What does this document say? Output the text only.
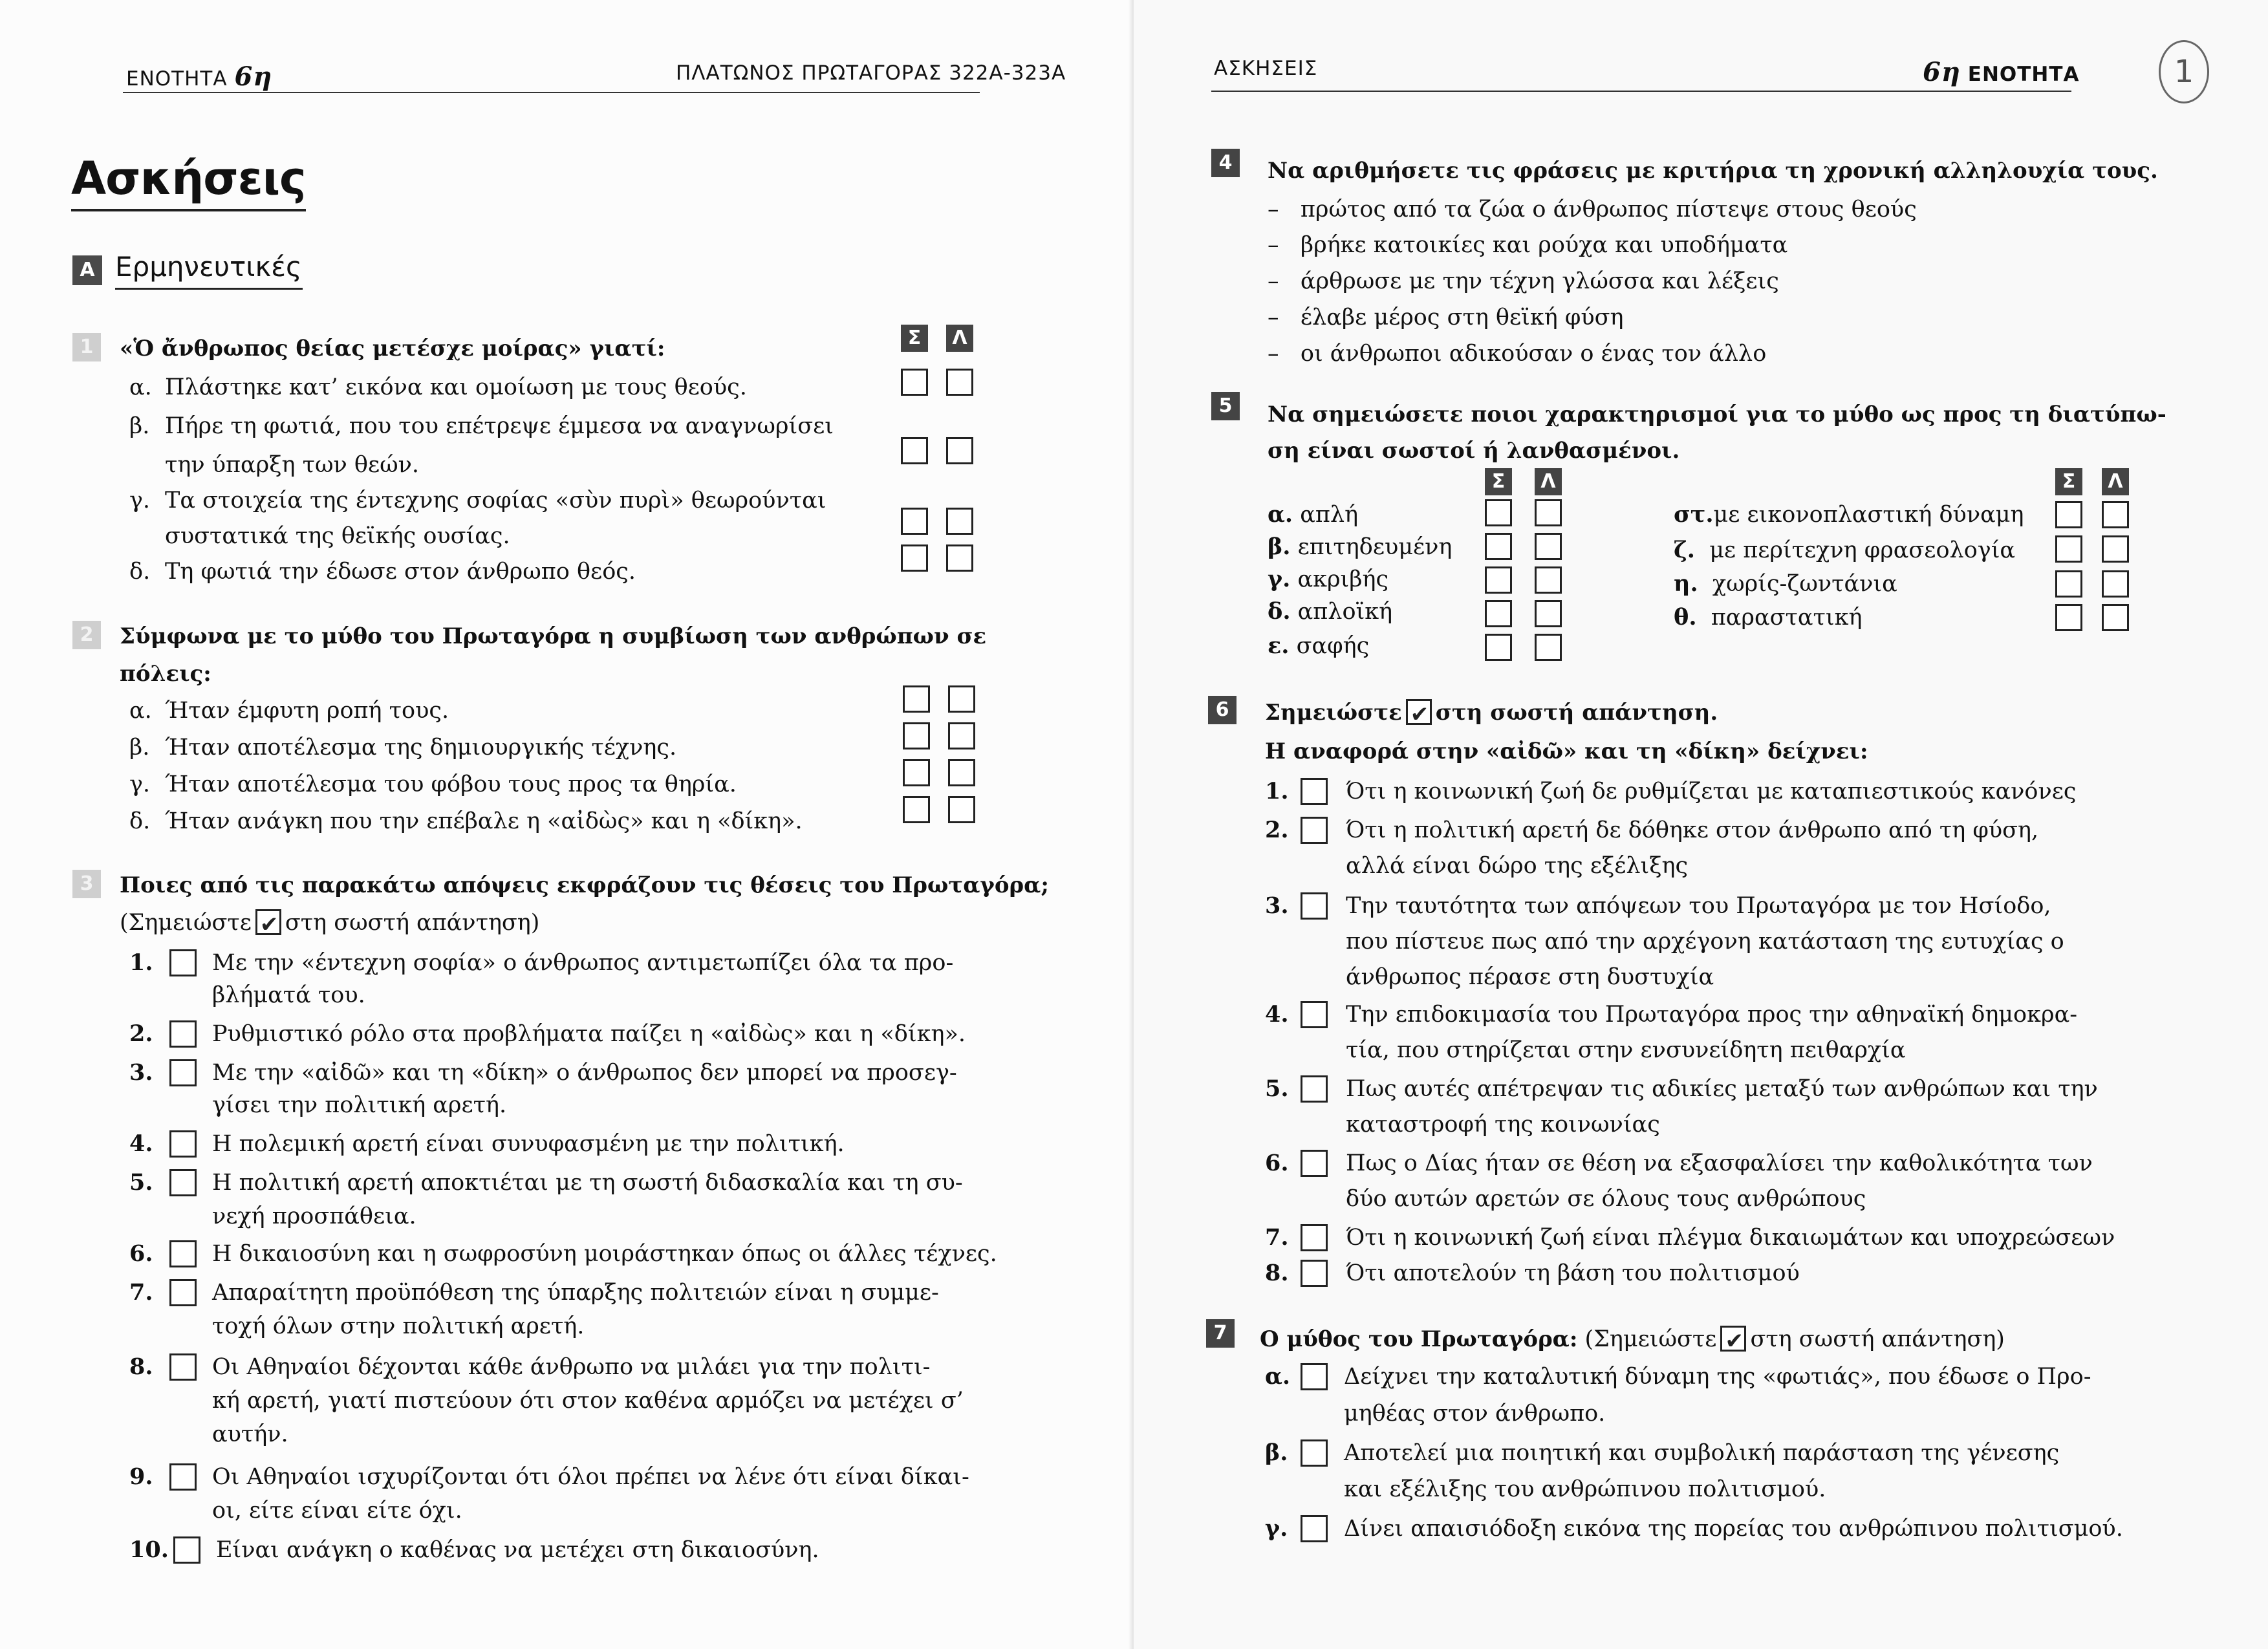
ΕΝΟΤΗΤΑ 6η	ΠΛΑΤΩΝΟΣ ΠΡΩΤΑΓΟΡΑΣ 322Α-323Α
Ασκήσεις
Α Ερμηνευτικές
1	«Ὁ ἄνθρωπος θείας μετέσχε μοίρας» γιατί:	Σ	Λ
α. Πλάστηκε κατ’ εικόνα και ομοίωση με τους θεούς.
β. Πήρε τη φωτιά, που του επέτρεψε έμμεσα να αναγνωρίσει
την ύπαρξη των θεών.
γ. Τα στοιχεία της έντεχνης σοφίας «σὺν πυρὶ» θεωρούνται
συστατικά της θεϊκής ουσίας.
δ. Τη φωτιά την έδωσε στον άνθρωπο θεός.
2	Σύμφωνα με το μύθο του Πρωταγόρα η συμβίωση των ανθρώπων σε
πόλεις:
α. Ήταν έμφυτη ροπή τους.
β. Ήταν αποτέλεσμα της δημιουργικής τέχνης.
γ. Ήταν αποτέλεσμα του φόβου τους προς τα θηρία.
δ. Ήταν ανάγκη που την επέβαλε η «αἰδὼς» και η «δίκη».
3	Ποιες από τις παρακάτω απόψεις εκφράζουν τις θέσεις του Πρωταγόρα;
(Σημειώστε ✔ στη σωστή απάντηση)
1.	Με την «έντεχνη σοφία» ο άνθρωπος αντιμετωπίζει όλα τα προ-
βλήματά του.
2.	Ρυθμιστικό ρόλο στα προβλήματα παίζει η «αἰδὼς» και η «δίκη».
3.	Με την «αἰδῶ» και τη «δίκη» ο άνθρωπος δεν μπορεί να προσεγ-
γίσει την πολιτική αρετή.
4.	Η πολεμική αρετή είναι συνυφασμένη με την πολιτική.
5.	Η πολιτική αρετή αποκτιέται με τη σωστή διδασκαλία και τη συ-
νεχή προσπάθεια.
6.	Η δικαιοσύνη και η σωφροσύνη μοιράστηκαν όπως οι άλλες τέχνες.
7.	Απαραίτητη προϋπόθεση της ύπαρξης πολιτειών είναι η συμμε-
τοχή όλων στην πολιτική αρετή.
8.	Οι Αθηναίοι δέχονται κάθε άνθρωπο να μιλάει για την πολιτι-
κή αρετή, γιατί πιστεύουν ότι στον καθένα αρμόζει να μετέχει σ’
αυτήν.
9.	Οι Αθηναίοι ισχυρίζονται ότι όλοι πρέπει να λένε ότι είναι δίκαι-
οι, είτε είναι είτε όχι.
10. Είναι ανάγκη ο καθένας να μετέχει στη δικαιοσύνη.
ΑΣΚΗΣΕΙΣ	6η ΕΝΟΤΗΤΑ	1
4	Να αριθμήσετε τις φράσεις με κριτήρια τη χρονική αλληλουχία τους.
–   πρώτος από τα ζώα ο άνθρωπος πίστεψε στους θεούς
–   βρήκε κατοικίες και ρούχα και υποδήματα
–   άρθρωσε με την τέχνη γλώσσα και λέξεις
–   έλαβε μέρος στη θεϊκή φύση
–   οι άνθρωποι αδικούσαν ο ένας τον άλλο
5	Να σημειώσετε ποιοι χαρακτηρισμοί για το μύθο ως προς τη διατύπω-
ση είναι σωστοί ή λανθασμένοι.
Σ	Λ	Σ	Λ
α. απλή
β. επιτηδευμένη
γ. ακριβής
δ. απλοϊκή
ε. σαφής
στ.με εικονοπλαστική δύναμη
ζ. με περίτεχνη φρασεολογία
η. χωρίς-ζωντάνια
θ. παραστατική
6	Σημειώστε ✔ στη σωστή απάντηση.
Η αναφορά στην «αἰδῶ» και τη «δίκη» δείχνει:
1.	Ότι η κοινωνική ζωή δε ρυθμίζεται με καταπιεστικούς κανόνες
2.	Ότι η πολιτική αρετή δε δόθηκε στον άνθρωπο από τη φύση,
αλλά είναι δώρο της εξέλιξης
3.	Την ταυτότητα των απόψεων του Πρωταγόρα με τον Ησίοδο,
που πίστευε πως από την αρχέγονη κατάσταση της ευτυχίας ο
άνθρωπος πέρασε στη δυστυχία
4.	Την επιδοκιμασία του Πρωταγόρα προς την αθηναϊκή δημοκρα-
τία, που στηρίζεται στην ενσυνείδητη πειθαρχία
5.	Πως αυτές απέτρεψαν τις αδικίες μεταξύ των ανθρώπων και την
καταστροφή της κοινωνίας
6.	Πως ο Δίας ήταν σε θέση να εξασφαλίσει την καθολικότητα των
δύο αυτών αρετών σε όλους τους ανθρώπους
7.	Ότι η κοινωνική ζωή είναι πλέγμα δικαιωμάτων και υποχρεώσεων
8.	Ότι αποτελούν τη βάση του πολιτισμού
7	Ο μύθος του Πρωταγόρα: (Σημειώστε ✔ στη σωστή απάντηση)
α. Δείχνει την καταλυτική δύναμη της «φωτιάς», που έδωσε ο Προ-
μηθέας στον άνθρωπο.
β. Αποτελεί μια ποιητική και συμβολική παράσταση της γένεσης
και εξέλιξης του ανθρώπινου πολιτισμού.
γ. Δίνει απαισιόδοξη εικόνα της πορείας του ανθρώπινου πολιτισμού.
